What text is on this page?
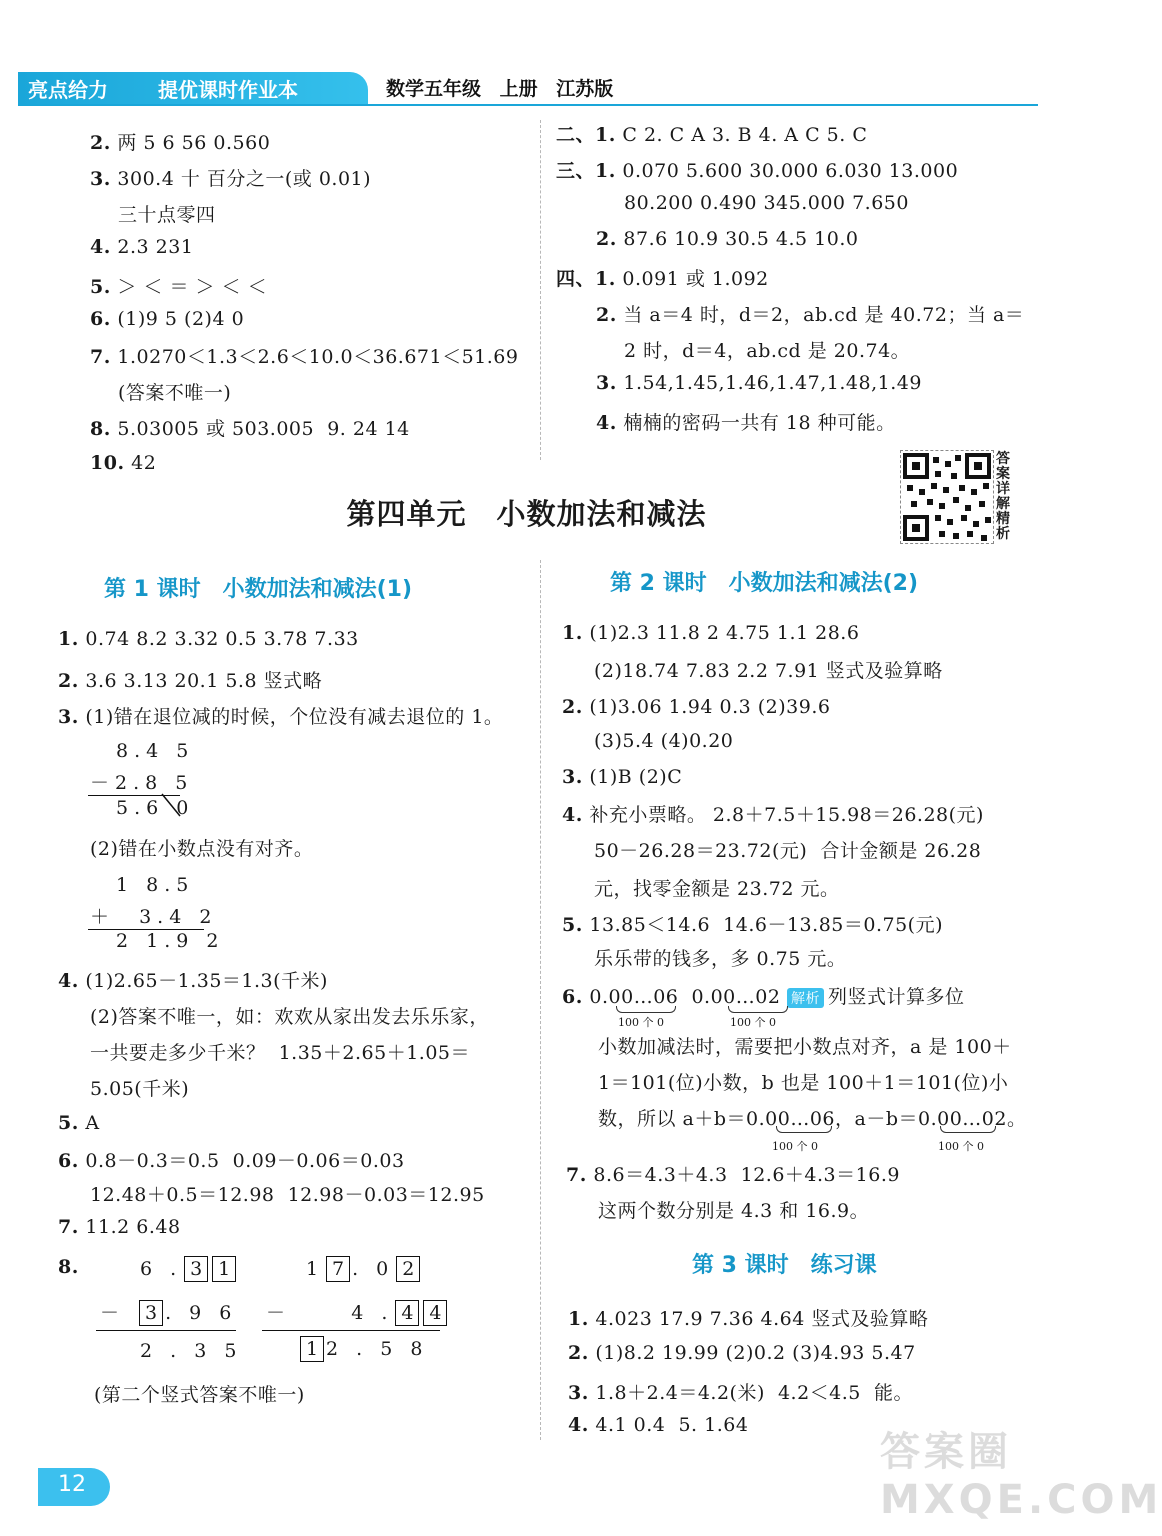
亮点给力	提优课时作业本	数学五年级 上册 江苏版
2. 两 5 6 56 0.560
3. 300.4 十 百分之一(或 0.01)
三十点零四
4. 2.3 231
5. ＞ ＜ ＝ ＞ ＜ ＜
6. (1)9 5 (2)4 0
7. 1.0270＜1.3＜2.6＜10.0＜36.671＜51.69
(答案不唯一)
8. 5.03005 或 503.005  9. 24 14
10. 42
二、1. C 2. C A 3. B 4. A C 5. C
三、1. 0.070 5.600 30.000 6.030 13.000
80.200 0.490 345.000 7.650
2. 87.6 10.9 30.5 4.5 10.0
四、1. 0.091 或 1.092
2. 当 a＝4 时，d＝2，ab.cd 是 40.72；当 a＝
2 时，d＝4，ab.cd 是 20.74。
3. 1.54,1.45,1.46,1.47,1.48,1.49
4. 楠楠的密码一共有 18 种可能。
答案详解精析
第四单元　小数加法和减法
第 1 课时　小数加法和减法(1)
1. 0.74 8.2 3.32 0.5 3.78 7.33
2. 3.6 3.13 20.1 5.8 竖式略
3. (1)错在退位减的时候，个位没有减去退位的 1。
8.4 5
－2.8 5
5.6 0
(2)错在小数点没有对齐。
1 8.5
＋  3.4 2
2 1.9 2
4. (1)2.65－1.35＝1.3(千米)
(2)答案不唯一，如：欢欢从家出发去乐乐家，
一共要走多少千米？  1.35＋2.65＋1.05＝
5.05(千米)
5. A
6. 0.8－0.3＝0.5  0.09－0.06＝0.03
12.48＋0.5＝12.98  12.98－0.03＝12.95
7. 11.2 6.48
8.	6 . 3 1
－ 3 . 9 6
2 . 3 5
1 7 . 0 2
－     4 . 4 4
1 2 . 5 8
(第二个竖式答案不唯一)
第 2 课时　小数加法和减法(2)
1. (1)2.3 11.8 2 4.75 1.1 28.6
(2)18.74 7.83 2.2 7.91 竖式及验算略
2. (1)3.06 1.94 0.3 (2)39.6
(3)5.4 (4)0.20
3. (1)B (2)C
4. 补充小票略。 2.8＋7.5＋15.98＝26.28(元)
50－26.28＝23.72(元)  合计金额是 26.28
元，找零金额是 23.72 元。
5. 13.85＜14.6  14.6－13.85＝0.75(元)
乐乐带的钱多，多 0.75 元。
6. 0.00…06 0.00…02 解析 列竖式计算多位
100 个 0	100 个 0
小数加减法时，需要把小数点对齐，a 是 100＋
1＝101(位)小数，b 也是 100＋1＝101(位)小
数，所以 a＋b＝0.00…06，a－b＝0.00…02。
100 个 0	100 个 0
7. 8.6＝4.3＋4.3  12.6＋4.3＝16.9
这两个数分别是 4.3 和 16.9。
第 3 课时　练习课
1. 4.023 17.9 7.36 4.64 竖式及验算略
2. (1)8.2 19.99 (2)0.2 (3)4.93 5.47
3. 1.8＋2.4＝4.2(米)  4.2＜4.5  能。
4. 4.1 0.4  5. 1.64
12
答案圈 MXQE.COM
